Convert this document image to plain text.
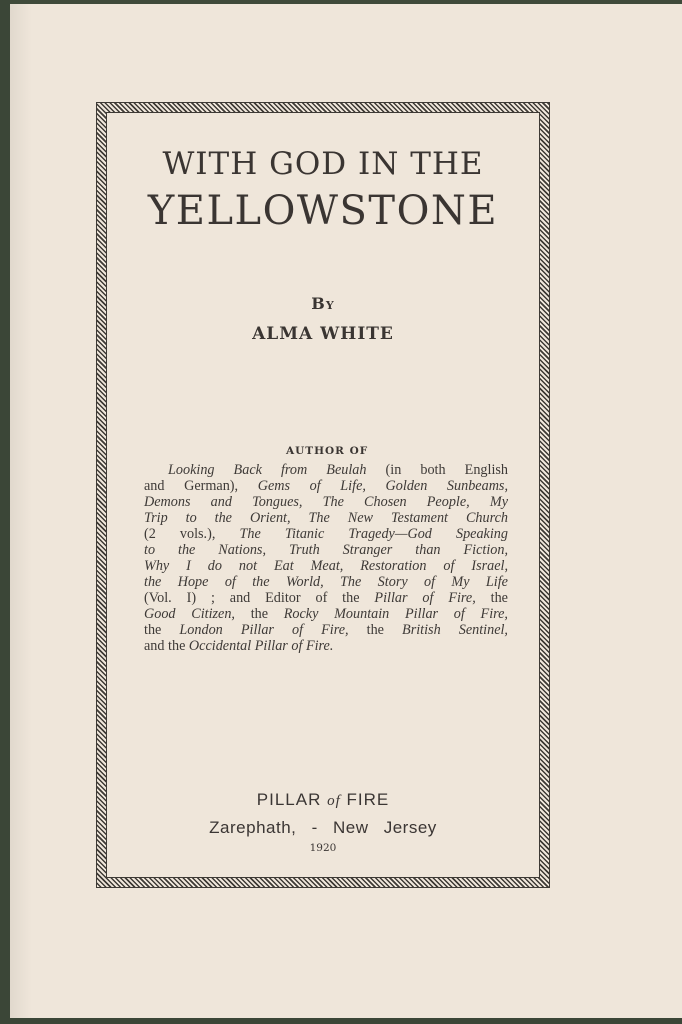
WITH GOD IN THE
YELLOWSTONE
By
ALMA WHITE
AUTHOR OF
Looking Back from Beulah (in both English
and German), Gems of Life, Golden Sunbeams,
Demons and Tongues, The Chosen People, My
Trip to the Orient, The New Testament Church
(2 vols.), The Titanic Tragedy—God Speaking
to the Nations, Truth Stranger than Fiction,
Why I do not Eat Meat, Restoration of Israel,
the Hope of the World, The Story of My Life
(Vol. I) ; and Editor of the Pillar of Fire, the
Good Citizen, the Rocky Mountain Pillar of Fire,
the London Pillar of Fire, the British Sentinel,
and the Occidental Pillar of Fire.
PILLAR of FIRE
Zarephath, - New Jersey
1920
